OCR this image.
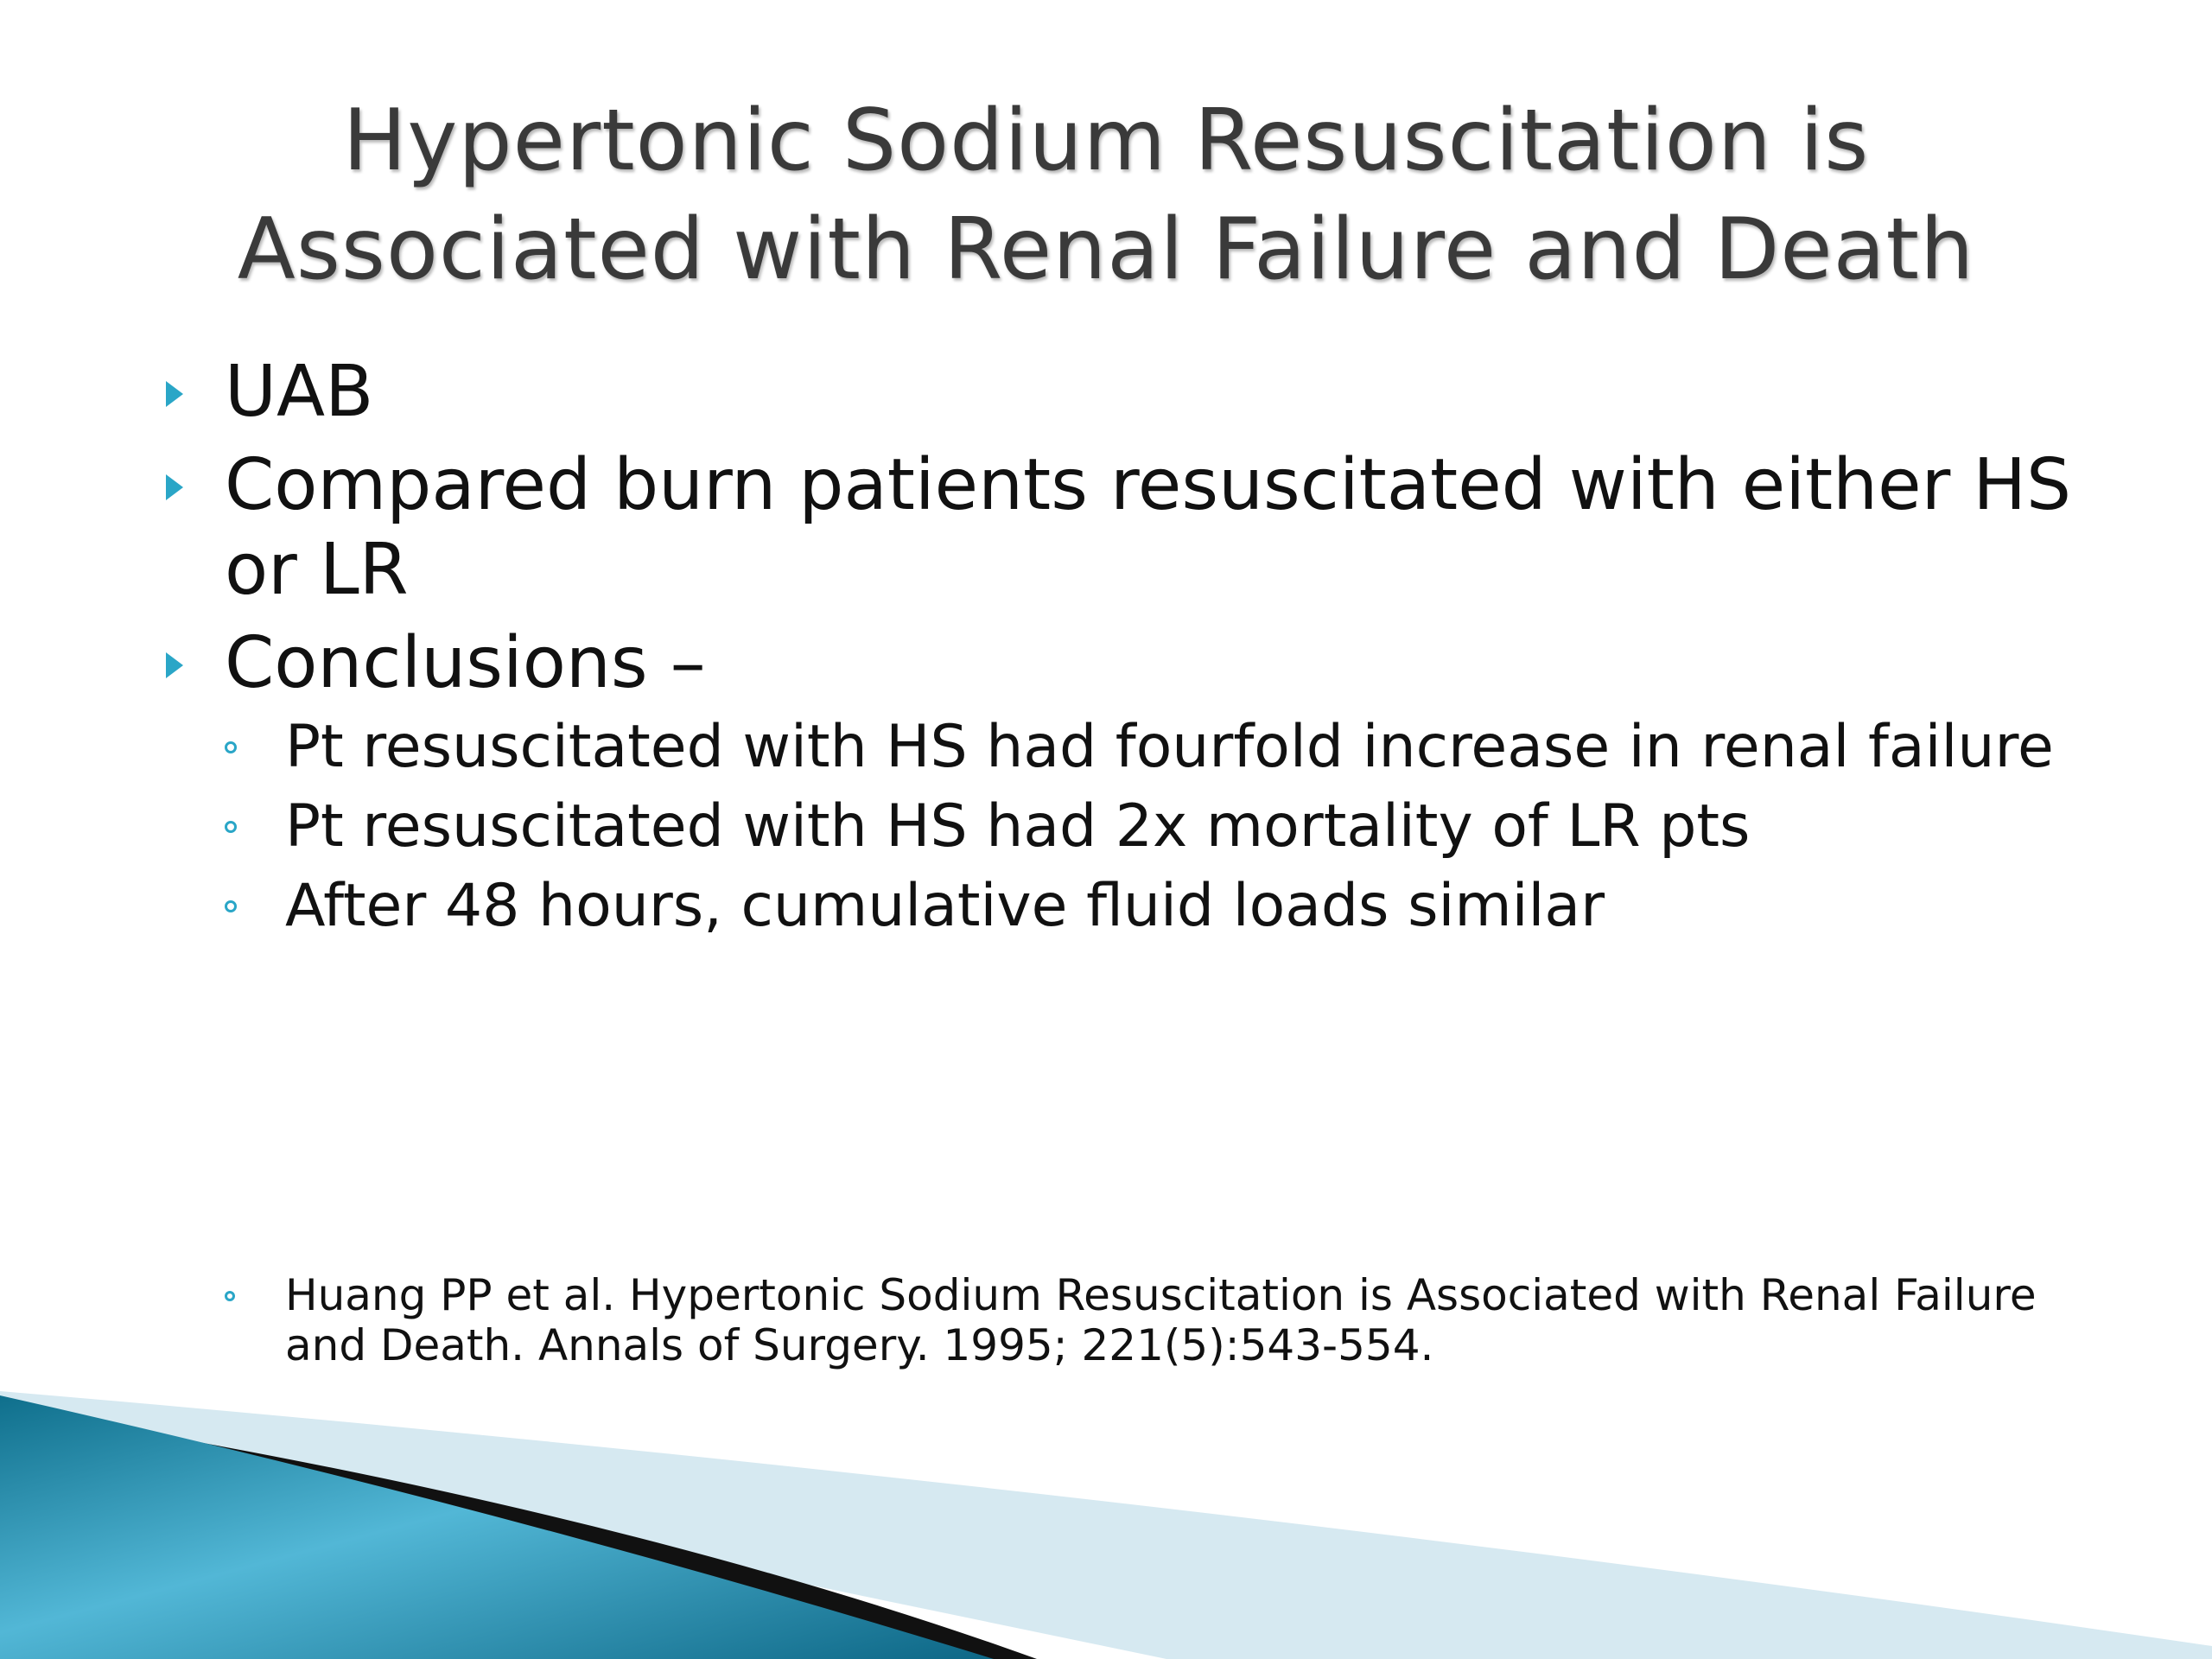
Hypertonic Sodium Resuscitation is
Associated with Renal Failure and Death
UAB
Compared burn patients resuscitated with either HS or LR
Conclusions –
Pt resuscitated with HS had fourfold increase in renal failure
Pt resuscitated with HS had 2x mortality of LR pts
After 48 hours, cumulative fluid loads similar
Huang PP et al. Hypertonic Sodium Resuscitation is Associated with Renal Failure and Death. Annals of Surgery. 1995; 221(5):543-554.
